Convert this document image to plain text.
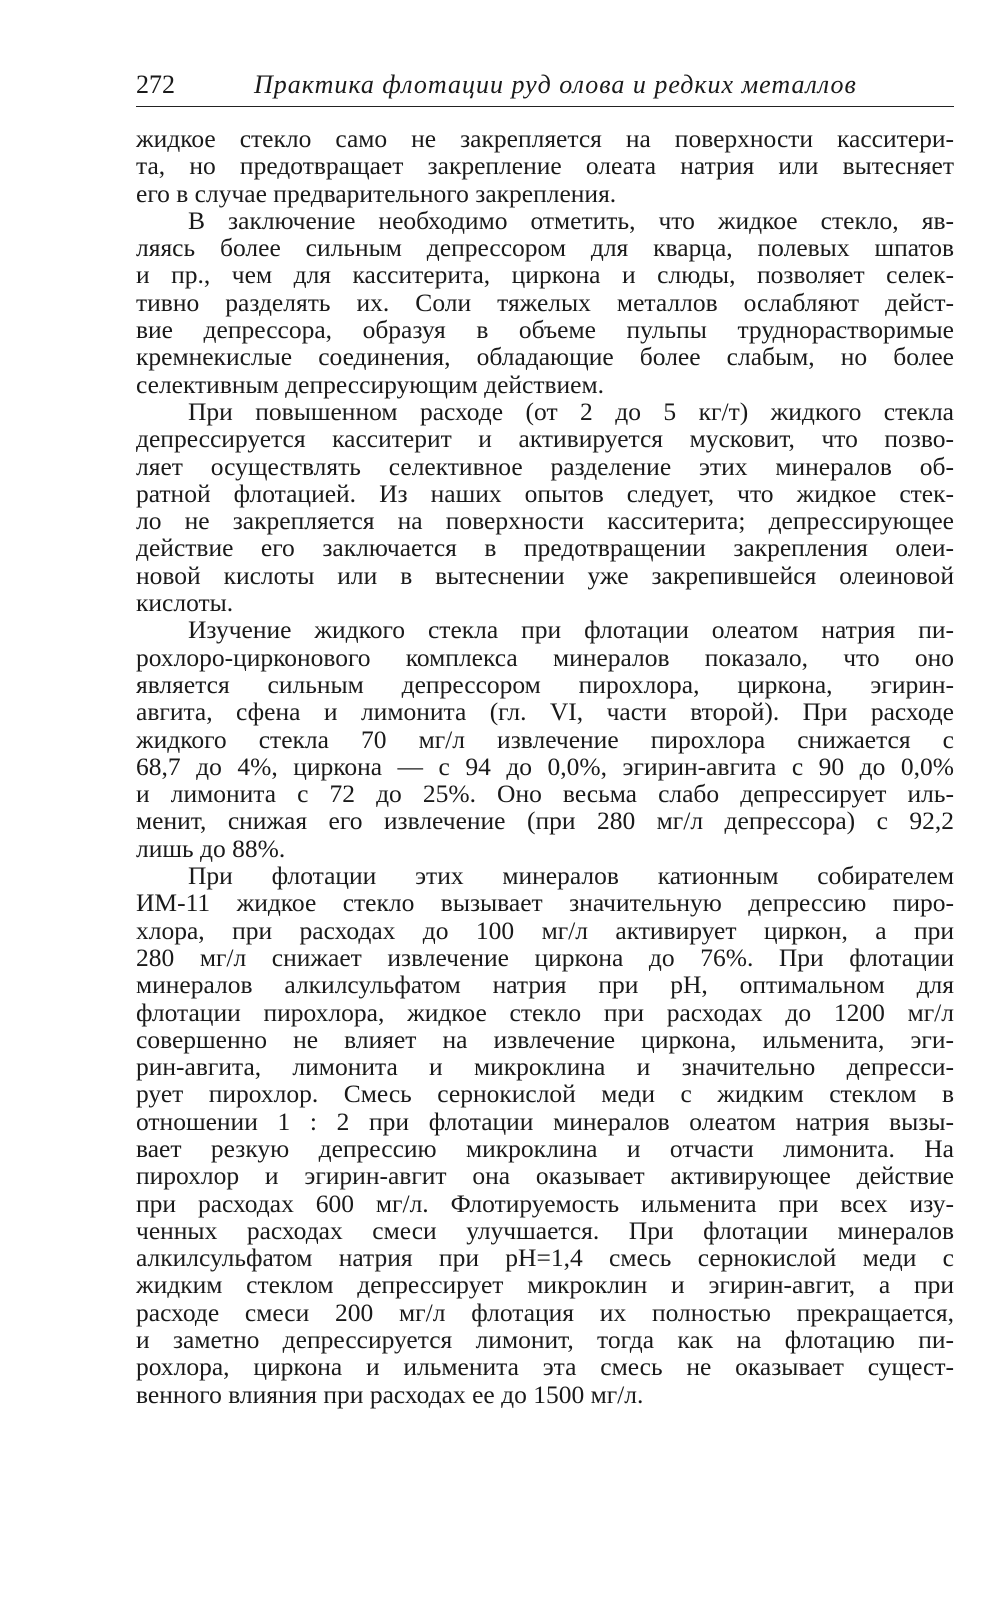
272	Практика флотации руд олова и редких металлов

жидкое стекло само не закрепляется на поверхности касситери-
та, но предотвращает закрепление олеата натрия или вытесняет
его в случае предварительного закрепления.

В заключение необходимо отметить, что жидкое стекло, яв-
ляясь более сильным депрессором для кварца, полевых шпатов
и пр., чем для касситерита, циркона и слюды, позволяет селек-
тивно разделять их. Соли тяжелых металлов ослабляют дейст-
вие депрессора, образуя в объеме пульпы труднорастворимые
кремнекислые соединения, обладающие более слабым, но более
селективным депрессирующим действием.

При повышенном расходе (от 2 до 5 кг/т) жидкого стекла
депрессируется касситерит и активируется мусковит, что позво-
ляет осуществлять селективное разделение этих минералов об-
ратной флотацией. Из наших опытов следует, что жидкое стек-
ло не закрепляется на поверхности касситерита; депрессирующее
действие его заключается в предотвращении закрепления олеи-
новой кислоты или в вытеснении уже закрепившейся олеиновой
кислоты.

Изучение жидкого стекла при флотации олеатом натрия пи-
рохлоро-цирконового комплекса минералов показало, что оно
является сильным депрессором пирохлора, циркона, эгирин-
авгита, сфена и лимонита (гл. VI, части второй). При расходе
жидкого стекла 70 мг/л извлечение пирохлора снижается с
68,7 до 4%, циркона — с 94 до 0,0%, эгирин-авгита с 90 до 0,0%
и лимонита с 72 до 25%. Оно весьма слабо депрессирует иль-
менит, снижая его извлечение (при 280 мг/л депрессора) с 92,2
лишь до 88%.

При флотации этих минералов катионным собирателем
ИМ-11 жидкое стекло вызывает значительную депрессию пиро-
хлора, при расходах до 100 мг/л активирует циркон, а при
280 мг/л снижает извлечение циркона до 76%. При флотации
минералов алкилсульфатом натрия при pH, оптимальном для
флотации пирохлора, жидкое стекло при расходах до 1200 мг/л
совершенно не влияет на извлечение циркона, ильменита, эги-
рин-авгита, лимонита и микроклина и значительно депресси-
рует пирохлор. Смесь сернокислой меди с жидким стеклом в
отношении 1 : 2 при флотации минералов олеатом натрия вызы-
вает резкую депрессию микроклина и отчасти лимонита. На
пирохлор и эгирин-авгит она оказывает активирующее действие
при расходах 600 мг/л. Флотируемость ильменита при всех изу-
ченных расходах смеси улучшается. При флотации минералов
алкилсульфатом натрия при pH=1,4 смесь сернокислой меди с
жидким стеклом депрессирует микроклин и эгирин-авгит, а при
расходе смеси 200 мг/л флотация их полностью прекращается,
и заметно депрессируется лимонит, тогда как на флотацию пи-
рохлора, циркона и ильменита эта смесь не оказывает сущест-
венного влияния при расходах ее до 1500 мг/л.
